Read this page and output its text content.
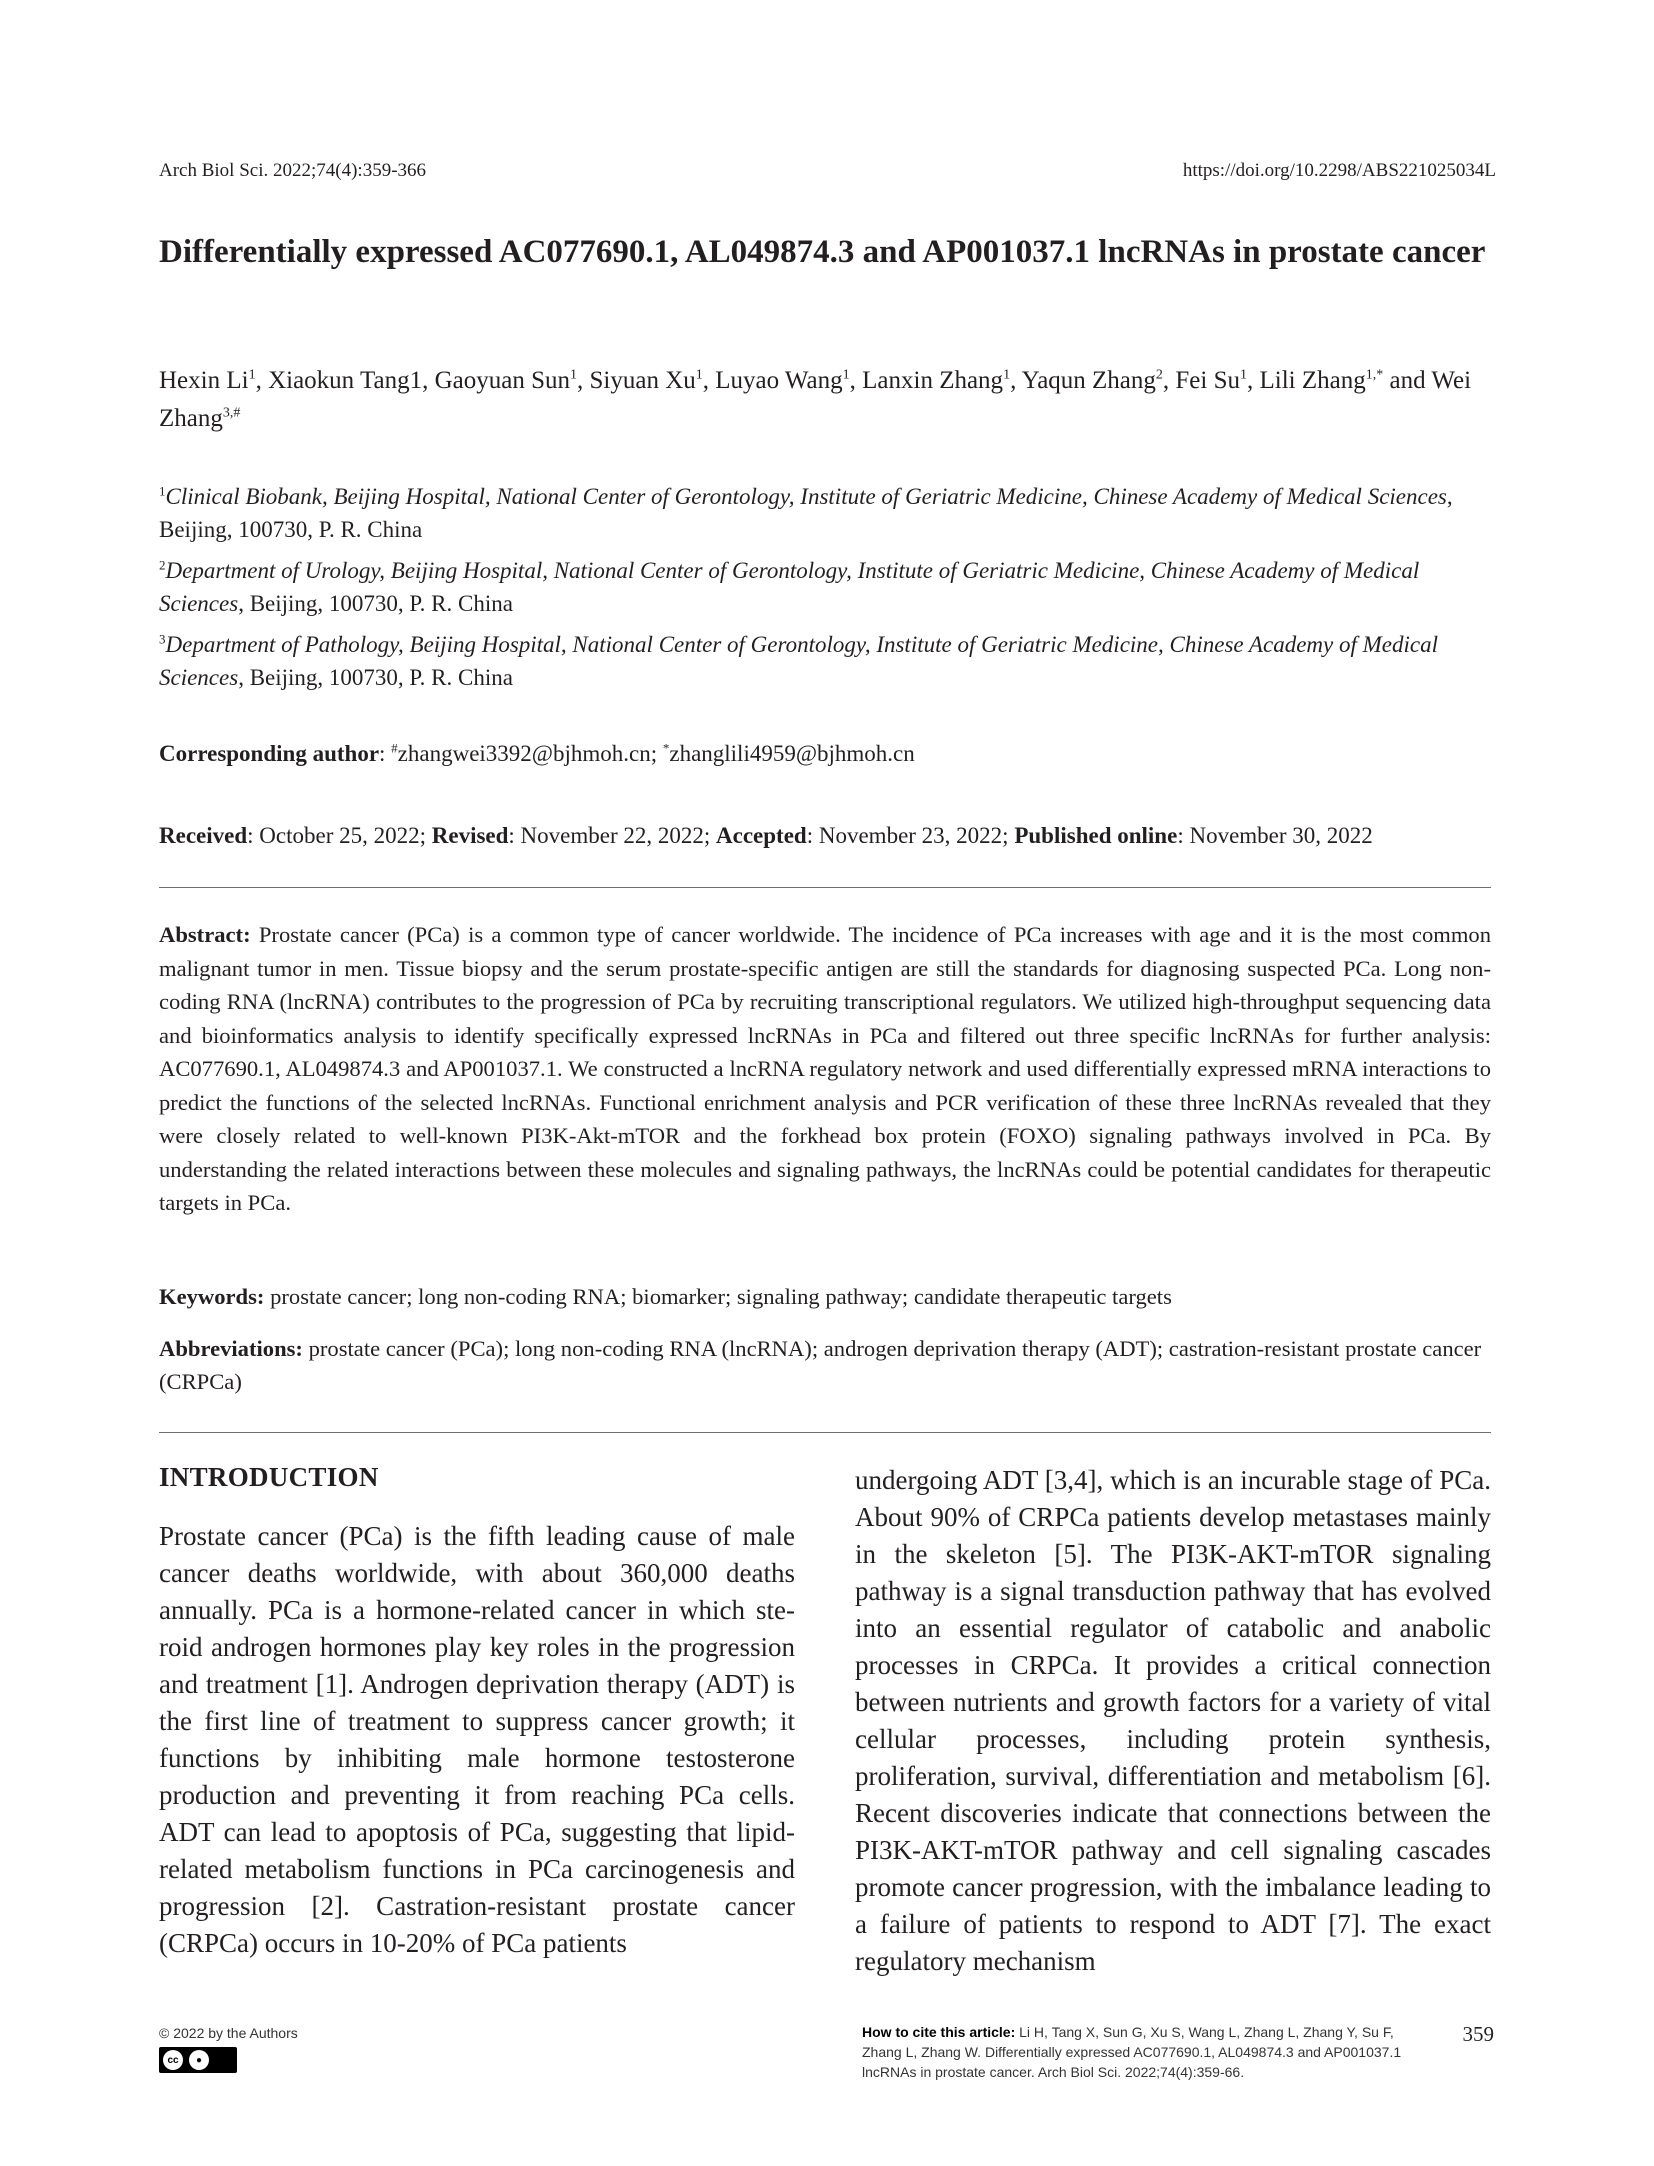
Arch Biol Sci. 2022;74(4):359-366	https://doi.org/10.2298/ABS221025034L
Differentially expressed AC077690.1, AL049874.3 and AP001037.1 lncRNAs in prostate cancer
Hexin Li$^1$, Xiaokun Tang1, Gaoyuan Sun$^1$, Siyuan Xu$^1$, Luyao Wang$^1$, Lanxin Zhang$^1$, Yaqun Zhang$^2$, Fei Su$^1$, Lili Zhang$^{1,*}$ and Wei Zhang$^{3,\#}$
$^1$Clinical Biobank, Beijing Hospital, National Center of Gerontology, Institute of Geriatric Medicine, Chinese Academy of Medical Sciences, Beijing, 100730, P. R. China
$^2$Department of Urology, Beijing Hospital, National Center of Gerontology, Institute of Geriatric Medicine, Chinese Academy of Medical Sciences, Beijing, 100730, P. R. China
$^3$Department of Pathology, Beijing Hospital, National Center of Gerontology, Institute of Geriatric Medicine, Chinese Academy of Medical Sciences, Beijing, 100730, P. R. China
Corresponding author: #zhangwei3392@bjhmoh.cn; *zhanglili4959@bjhmoh.cn
Received: October 25, 2022; Revised: November 22, 2022; Accepted: November 23, 2022; Published online: November 30, 2022
Abstract: Prostate cancer (PCa) is a common type of cancer worldwide. The incidence of PCa increases with age and it is the most common malignant tumor in men. Tissue biopsy and the serum prostate-specific antigen are still the standards for diagnosing suspected PCa. Long non-coding RNA (lncRNA) contributes to the progression of PCa by recruiting transcriptional regulators. We utilized high-throughput sequencing data and bioinformatics analysis to identify specifically expressed lncRNAs in PCa and filtered out three specific lncRNAs for further analysis: AC077690.1, AL049874.3 and AP001037.1. We constructed a lncRNA regulatory network and used differentially expressed mRNA interactions to predict the functions of the selected lncRNAs. Functional enrichment analysis and PCR verification of these three lncRNAs revealed that they were closely related to well-known PI3K-Akt-mTOR and the forkhead box protein (FOXO) signaling pathways involved in PCa. By understanding the related interactions between these molecules and signaling pathways, the lncRNAs could be potential candidates for therapeutic targets in PCa.
Keywords: prostate cancer; long non-coding RNA; biomarker; signaling pathway; candidate therapeutic targets
Abbreviations: prostate cancer (PCa); long non-coding RNA (lncRNA); androgen deprivation therapy (ADT); castration-resistant prostate cancer (CRPCa)
INTRODUCTION
Prostate cancer (PCa) is the fifth leading cause of male cancer deaths worldwide, with about 360,000 deaths annually. PCa is a hormone-related cancer in which steroid androgen hormones play key roles in the progression and treatment [1]. Androgen deprivation therapy (ADT) is the first line of treatment to suppress cancer growth; it functions by inhibiting male hormone testosterone production and preventing it from reaching PCa cells. ADT can lead to apoptosis of PCa, suggesting that lipid-related metabolism functions in PCa carcinogenesis and progression [2]. Castration-resistant prostate cancer (CRPCa) occurs in 10-20% of PCa patients
undergoing ADT [3,4], which is an incurable stage of PCa. About 90% of CRPCa patients develop metastases mainly in the skeleton [5]. The PI3K-AKT-mTOR signaling pathway is a signal transduction pathway that has evolved into an essential regulator of catabolic and anabolic processes in CRPCa. It provides a critical connection between nutrients and growth factors for a variety of vital cellular processes, including protein synthesis, proliferation, survival, differentiation and metabolism [6]. Recent discoveries indicate that connections between the PI3K-AKT-mTOR pathway and cell signaling cascades promote cancer progression, with the imbalance leading to a failure of patients to respond to ADT [7]. The exact regulatory mechanism
© 2022 by the Authors
cc	●
How to cite this article: Li H, Tang X, Sun G, Xu S, Wang L, Zhang L, Zhang Y, Su F, Zhang L, Zhang W. Differentially expressed AC077690.1, AL049874.3 and AP001037.1 lncRNAs in prostate cancer. Arch Biol Sci. 2022;74(4):359-66.
359
